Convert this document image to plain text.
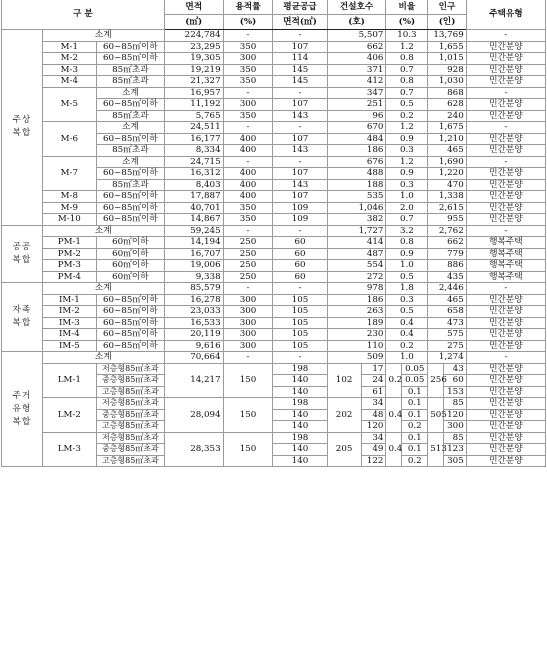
구 분			면적	용적률	평균공급	건설호수		비율		인구		주택유형
			(㎡)	(%)	면적(㎡)	(호)		(%)		(인)		
주상
복합	소계		224,784	-	-	5,507		10.3		13,769		-
	M-1	60~85㎡이하	23,295	350	107	662		1.2		1,655		민간분양
	M-2	60~85㎡이하	19,305	300	114	406		0.8		1,015		민간분양
	M-3	85㎡초과	19,219	350	145	371		0.7		928		민간분양
	M-4	85㎡초과	21,327	350	145	412		0.8		1,030		민간분양
	M-5	소계	16,957	-	-	347		0.7		868		-
		60~85㎡이하	11,192	300	107	251		0.5		628		민간분양
		85㎡초과	5,765	350	143	96		0.2		240		민간분양
	M-6	소계	24,511	-	-	670		1.2		1,675		-
		60~85㎡이하	16,177	400	107	484		0.9		1,210		민간분양
		85㎡초과	8,334	400	143	186		0.3		465		민간분양
	M-7	소계	24,715	-	-	676		1.2		1,690		-
		60~85㎡이하	16,312	400	107	488		0.9		1,220		민간분양
		85㎡초과	8,403	400	143	188		0.3		470		민간분양
	M-8	60~85㎡이하	17,887	400	107	535		1.0		1,338		민간분양
	M-9	60~85㎡이하	40,701	350	109	1,046		2.0		2,615		민간분양
	M-10	60~85㎡이하	14,867	350	109	382		0.7		955		민간분양
공공
복합	소계		59,245	-	-	1,727		3.2		2,762		-
	PM-1	60㎡이하	14,194	250	60	414		0.8		662		행복주택
	PM-2	60㎡이하	16,707	250	60	487		0.9		779		행복주택
	PM-3	60㎡이하	19,006	250	60	554		1.0		886		행복주택
	PM-4	60㎡이하	9,338	250	60	272		0.5		435		행복주택
자족
복합	소계		85,579	-	-	978		1.8		2,446		-
	IM-1	60~85㎡이하	16,278	300	105	186		0.3		465		민간분양
	IM-2	60~85㎡이하	23,033	300	105	263		0.5		658		민간분양
	IM-3	60~85㎡이하	16,533	300	105	189		0.4		473		민간분양
	IM-4	60~85㎡이하	20,119	300	105	230		0.4		575		민간분양
	IM-5	60~85㎡이하	9,616	300	105	110		0.2		275		민간분양
주거
유형
복합	소계		70,664	-	-	509		1.0		1,274		-
	LM-1	저층형85㎡초과	14,217	150	198	102	17	0.2	0.05	256	43	민간분양
		중층형85㎡초과			140		24		0.05		60	민간분양
		고층형85㎡초과			140		61		0.1		153	민간분양
	LM-2	저층형85㎡초과	28,094	150	198	202	34	0.4	0.1	505	85	민간분양
		중층형85㎡초과			140		48		0.1		120	민간분양
		고층형85㎡초과			140		120		0.2		300	민간분양
	LM-3	저층형85㎡초과	28,353	150	198	205	34	0.4	0.1	513	85	민간분양
		중층형85㎡초과			140		49		0.1		123	민간분양
		고층형85㎡초과			140		122		0.2		305	민간분양
